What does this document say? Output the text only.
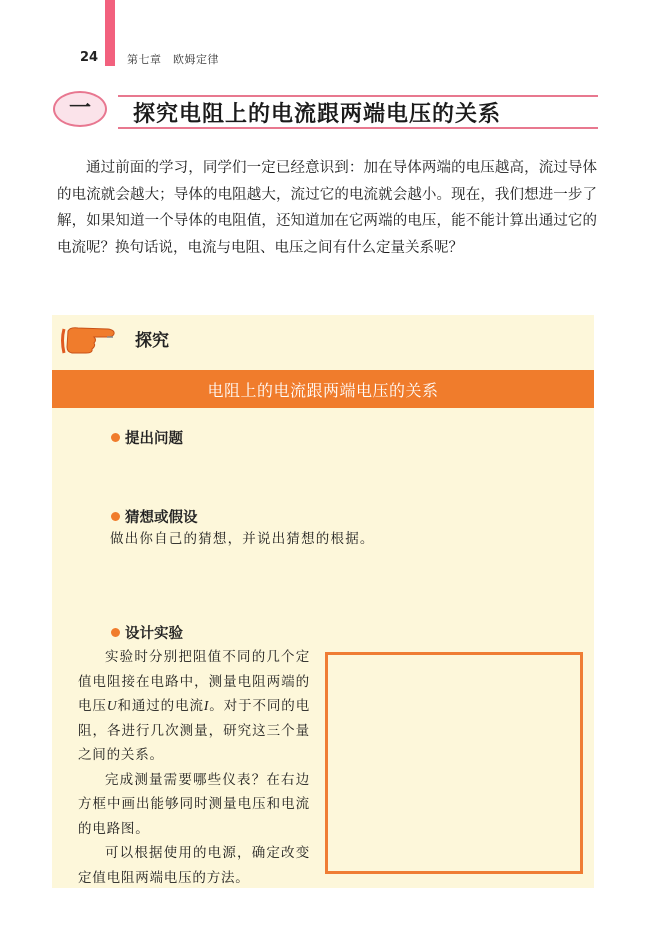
24	第七章　欧姆定律
一 探究电阻上的电流跟两端电压的关系
通过前面的学习，同学们一定已经意识到：加在导体两端的电压越高，流过导体的电流就会越大；导体的电阻越大，流过它的电流就会越小。现在，我们想进一步了解，如果知道一个导体的电阻值，还知道加在它两端的电压，能不能计算出通过它的电流呢？换句话说，电流与电阻、电压之间有什么定量关系呢？
探究
电阻上的电流跟两端电压的关系
提出问题
猜想或假设
做出你自己的猜想，并说出猜想的根据。
设计实验

实验时分别把阻值不同的几个定值电阻接在电路中，测量电阻两端的电压U和通过的电流I。对于不同的电阻，各进行几次测量，研究这三个量之间的关系。

完成测量需要哪些仪表？在右边方框中画出能够同时测量电压和电流的电路图。

可以根据使用的电源，确定改变定值电阻两端电压的方法。
